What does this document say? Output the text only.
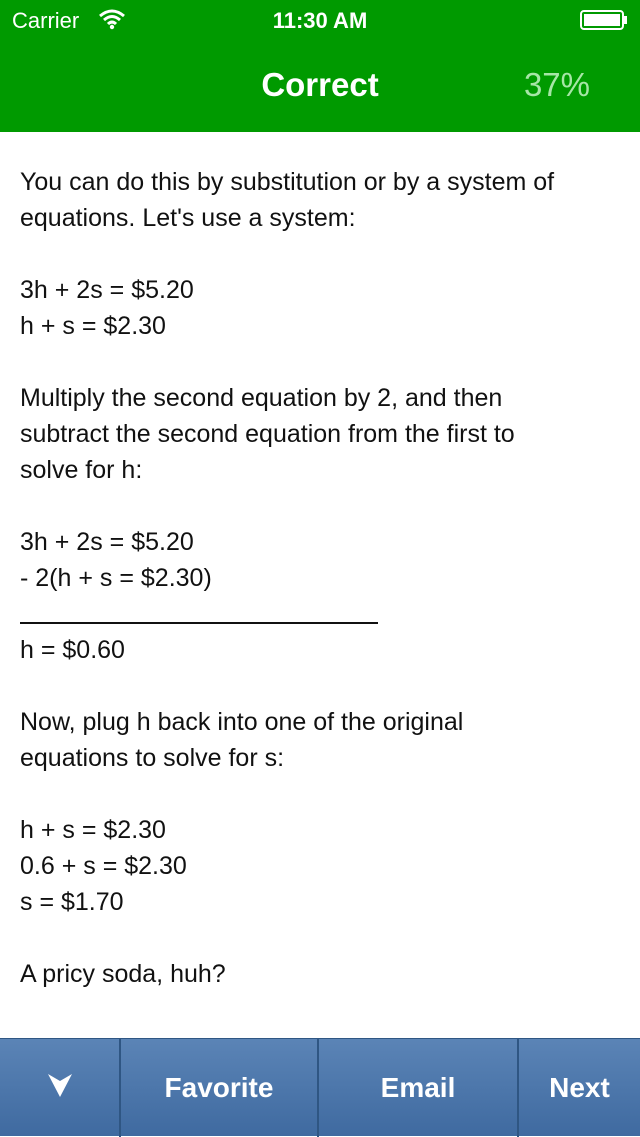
Carrier	11:30 AM
Correct	37%
You can do this by substitution or by a system of
equations. Let's use a system:
3h + 2s = $5.20
h + s = $2.30
Multiply the second equation by 2, and then
subtract the second equation from the first to
solve for h:
3h + 2s = $5.20
- 2(h + s = $2.30)
h = $0.60
Now, plug h back into one of the original
equations to solve for s:
h + s = $2.30
0.6 + s = $2.30
s = $1.70
A pricy soda, huh?
Favorite	Email	Next
